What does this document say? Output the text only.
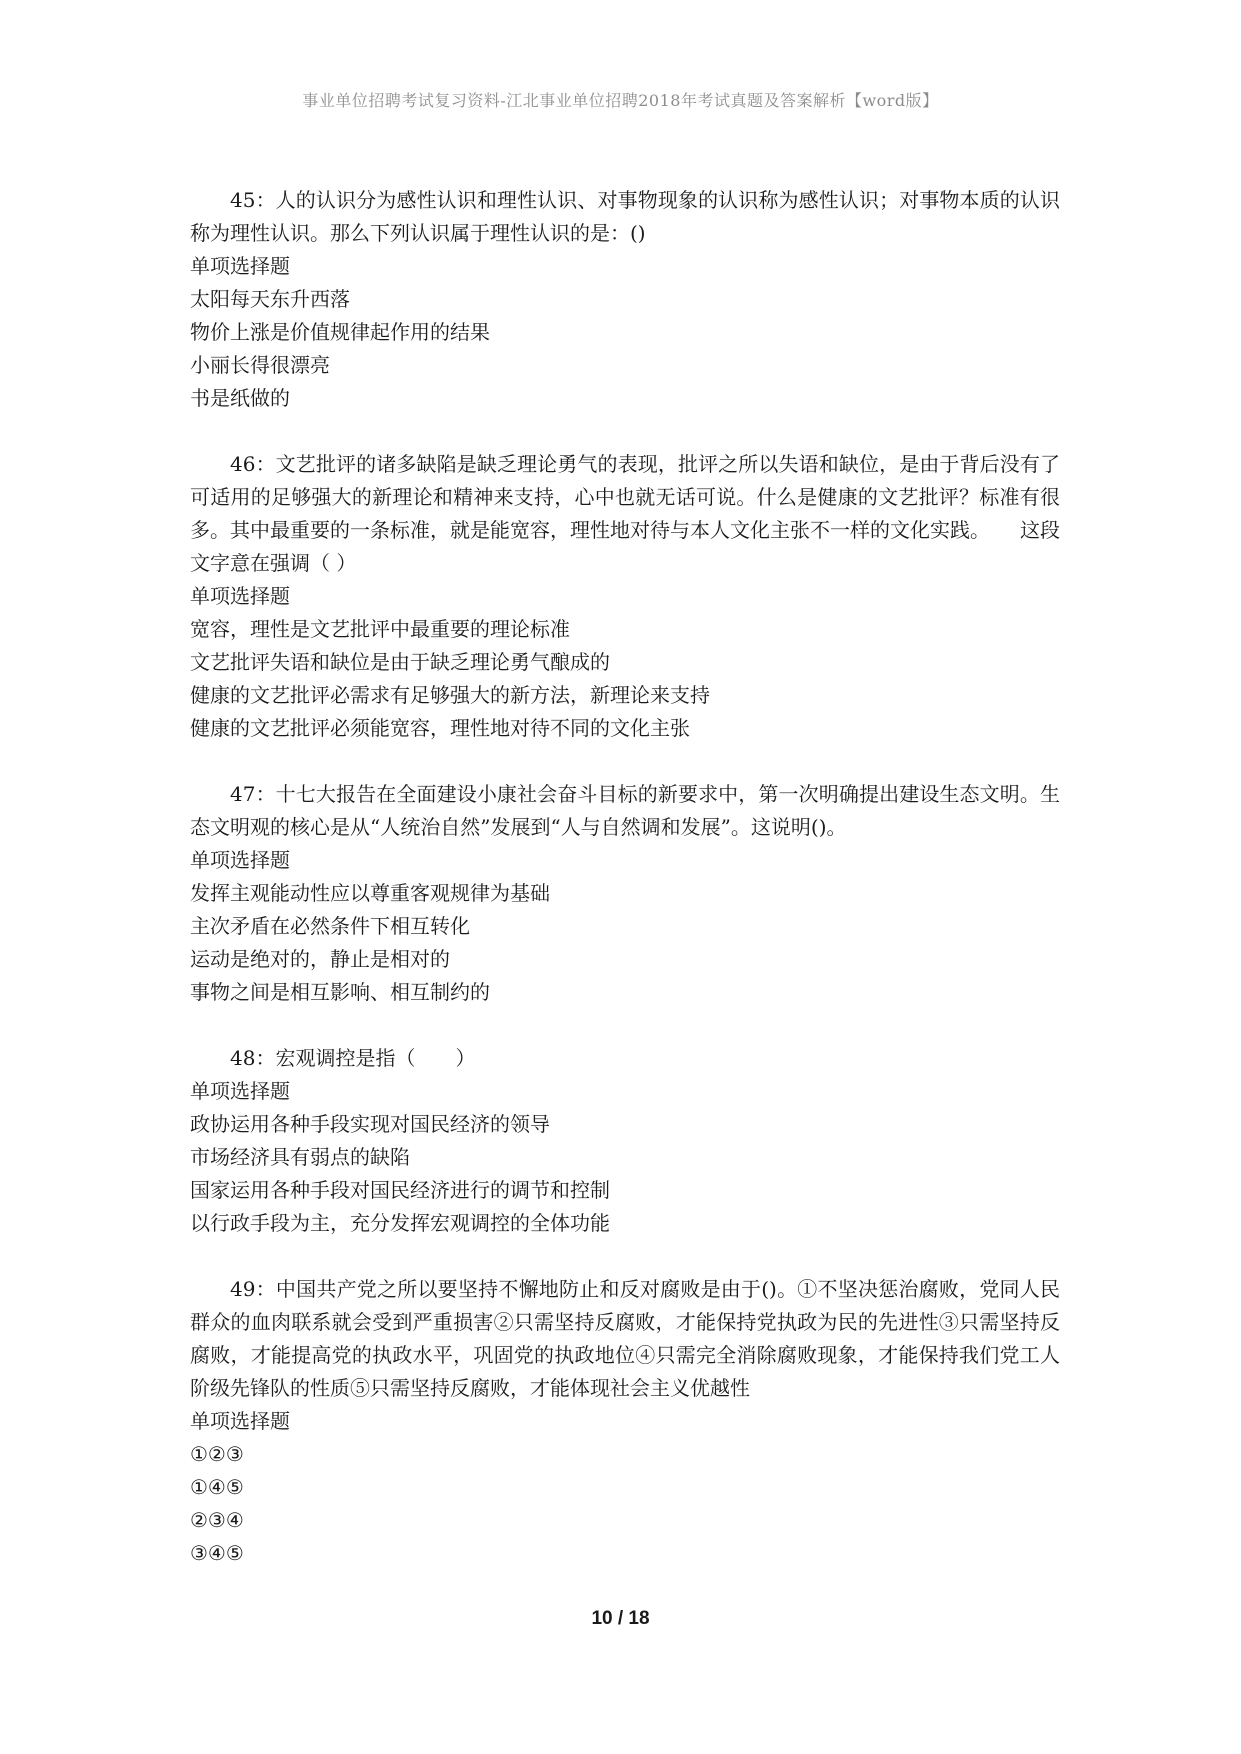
事业单位招聘考试复习资料-江北事业单位招聘2018年考试真题及答案解析【word版】

45：人的认识分为感性认识和理性认识、对事物现象的认识称为感性认识；对事物本质的认识称为理性认识。那么下列认识属于理性认识的是：()

单项选择题

太阳每天东升西落

物价上涨是价值规律起作用的结果

小丽长得很漂亮

书是纸做的

46：文艺批评的诸多缺陷是缺乏理论勇气的表现，批评之所以失语和缺位，是由于背后没有了可适用的足够强大的新理论和精神来支持，心中也就无话可说。什么是健康的文艺批评？标准有很多。其中最重要的一条标准，就是能宽容，理性地对待与本人文化主张不一样的文化实践。　　这段文字意在强调（ ）

单项选择题

宽容，理性是文艺批评中最重要的理论标准

文艺批评失语和缺位是由于缺乏理论勇气酿成的

健康的文艺批评必需求有足够强大的新方法，新理论来支持

健康的文艺批评必须能宽容，理性地对待不同的文化主张

47：十七大报告在全面建设小康社会奋斗目标的新要求中，第一次明确提出建设生态文明。生态文明观的核心是从“人统治自然”发展到“人与自然调和发展”。这说明()。

单项选择题

发挥主观能动性应以尊重客观规律为基础

主次矛盾在必然条件下相互转化

运动是绝对的，静止是相对的

事物之间是相互影响、相互制约的

48：宏观调控是指（　　）

单项选择题

政协运用各种手段实现对国民经济的领导

市场经济具有弱点的缺陷

国家运用各种手段对国民经济进行的调节和控制

以行政手段为主，充分发挥宏观调控的全体功能

49：中国共产党之所以要坚持不懈地防止和反对腐败是由于()。①不坚决惩治腐败，党同人民群众的血肉联系就会受到严重损害②只需坚持反腐败，才能保持党执政为民的先进性③只需坚持反腐败，才能提高党的执政水平，巩固党的执政地位④只需完全消除腐败现象，才能保持我们党工人阶级先锋队的性质⑤只需坚持反腐败，才能体现社会主义优越性

单项选择题

①②③

①④⑤

②③④

③④⑤

10 / 18
